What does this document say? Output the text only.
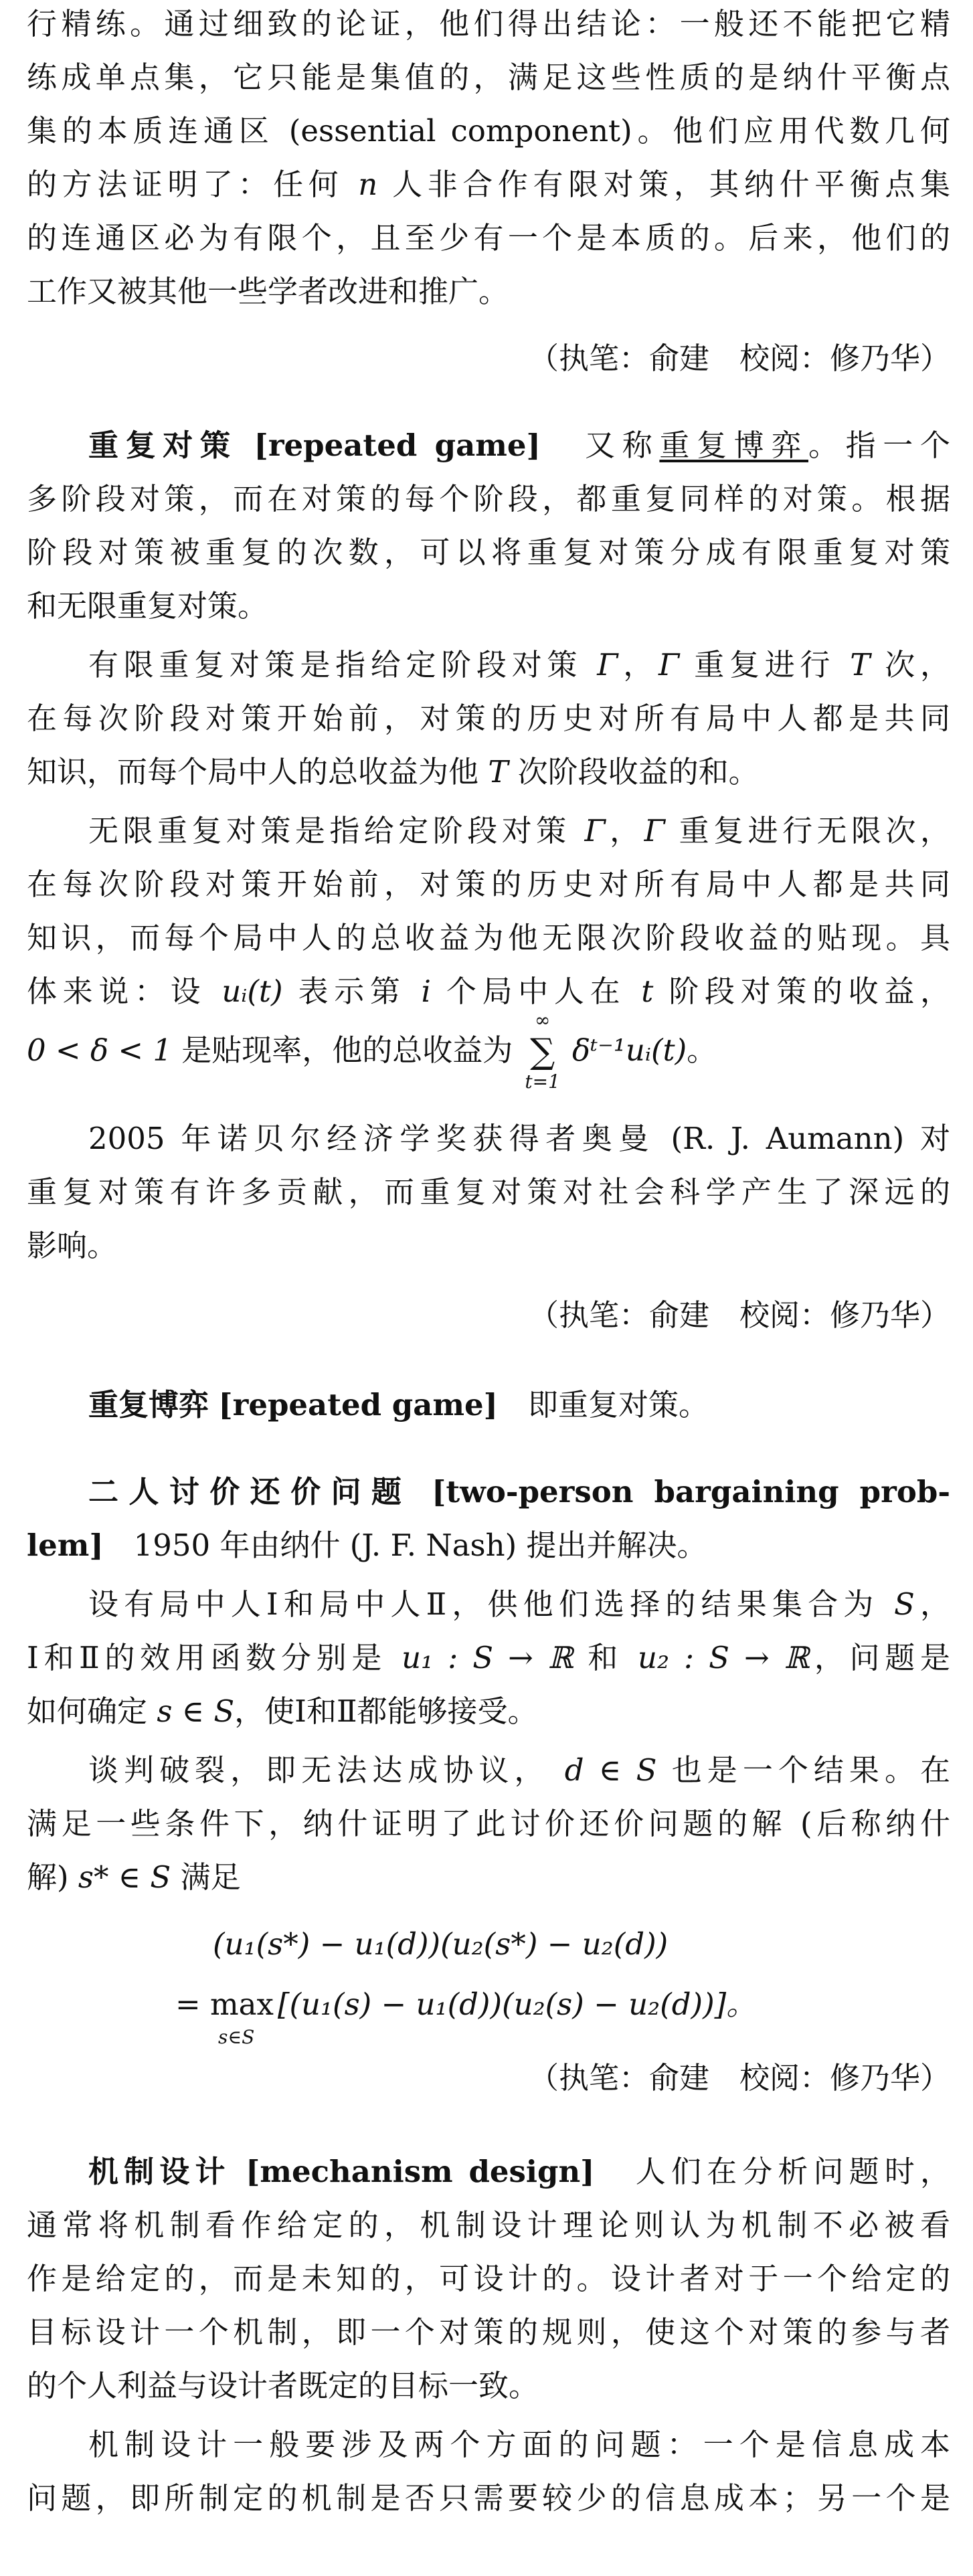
行精练。通过细致的论证，他们得出结论：一般还不能把它精
练成单点集，它只能是集值的，满足这些性质的是纳什平衡点
集的本质连通区 (essential component)。他们应用代数几何
的方法证明了：任何 n 人非合作有限对策，其纳什平衡点集
的连通区必为有限个，且至少有一个是本质的。后来，他们的
工作又被其他一些学者改进和推广。
（执笔：俞建　校阅：修乃华）
重复对策 [repeated game]　 又称重复博弈。指一个
多阶段对策，而在对策的每个阶段，都重复同样的对策。根据
阶段对策被重复的次数，可以将重复对策分成有限重复对策
和无限重复对策。
有限重复对策是指给定阶段对策 Γ，Γ 重复进行 T 次，
在每次阶段对策开始前，对策的历史对所有局中人都是共同
知识，而每个局中人的总收益为他 T 次阶段收益的和。
无限重复对策是指给定阶段对策 Γ，Γ 重复进行无限次，
在每次阶段对策开始前，对策的历史对所有局中人都是共同
知识，而每个局中人的总收益为他无限次阶段收益的贴现。具
体来说：设 uᵢ(t) 表示第 i 个局中人在 t 阶段对策的收益，
0 < δ < 1 是贴现率，他的总收益为
∞
∑
t=1
δᵗ⁻¹uᵢ(t)。
2005 年诺贝尔经济学奖获得者奥曼 (R. J. Aumann) 对
重复对策有许多贡献，而重复对策对社会科学产生了深远的
影响。
（执笔：俞建　校阅：修乃华）
重复博弈 [repeated game]　 即重复对策。
二人讨价还价问题 [two-person bargaining prob-
lem]　 1950 年由纳什 (J. F. Nash) 提出并解决。
设有局中人Ⅰ和局中人Ⅱ，供他们选择的结果集合为 S，
Ⅰ和Ⅱ的效用函数分别是 u₁ : S → ℝ 和 u₂ : S → ℝ，问题是
如何确定 s ∈ S，使Ⅰ和Ⅱ都能够接受。
谈判破裂，即无法达成协议， d ∈ S 也是一个结果。在
满足一些条件下，纳什证明了此讨价还价问题的解 (后称纳什
解) s* ∈ S 满足
(u₁(s*) − u₁(d))(u₂(s*) − u₂(d))
= max [(u₁(s) − u₁(d))(u₂(s) − u₂(d))]。
s∈S
（执笔：俞建　校阅：修乃华）
机制设计 [mechanism design]　 人们在分析问题时，
通常将机制看作给定的，机制设计理论则认为机制不必被看
作是给定的，而是未知的，可设计的。设计者对于一个给定的
目标设计一个机制，即一个对策的规则，使这个对策的参与者
的个人利益与设计者既定的目标一致。
机制设计一般要涉及两个方面的问题：一个是信息成本
问题，即所制定的机制是否只需要较少的信息成本；另一个是
